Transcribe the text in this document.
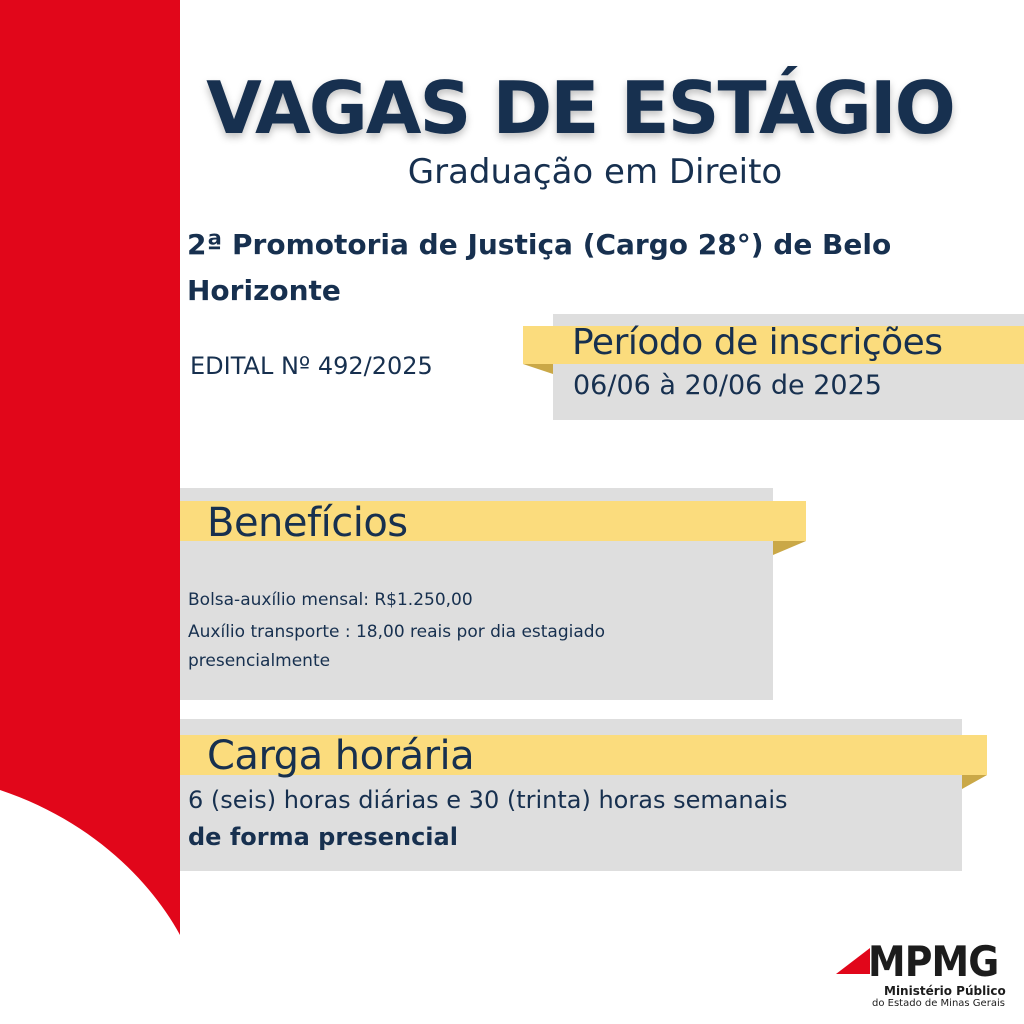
VAGAS DE ESTÁGIO
Graduação em Direito
2ª Promotoria de Justiça (Cargo 28°) de Belo Horizonte
EDITAL Nº 492/2025
Período de inscrições
06/06 à 20/06 de 2025
Benefícios
Bolsa-auxílio mensal: R$1.250,00
Auxílio transporte : 18,00 reais por dia estagiado presencialmente
Carga horária
6 (seis) horas diárias e 30 (trinta) horas semanais
de forma presencial
MPMG
Ministério Público
do Estado de Minas Gerais
